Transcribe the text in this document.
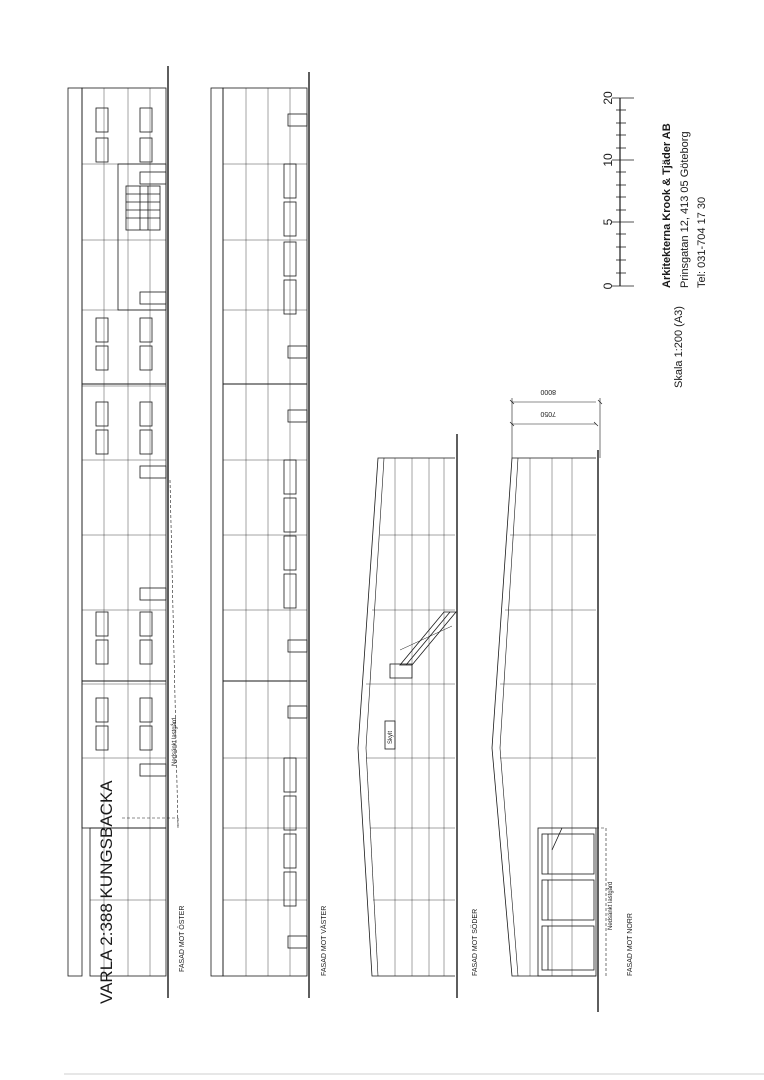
Nedsänkt lastgård
FASAD MOT ÖSTER	FASAD MOT VÄSTER
Skylt
FASAD MOT SÖDER
8000
7050
Nedsänkt lastgård
FASAD MOT NORR
0
5
10
20
Skala 1:200 (A3)
Arkitekterna Krook & Tjäder AB Prinsgatan 12, 413 05 Göteborg Tel: 031-704 17 30
VARLA 2:388 KUNGSBACKA
